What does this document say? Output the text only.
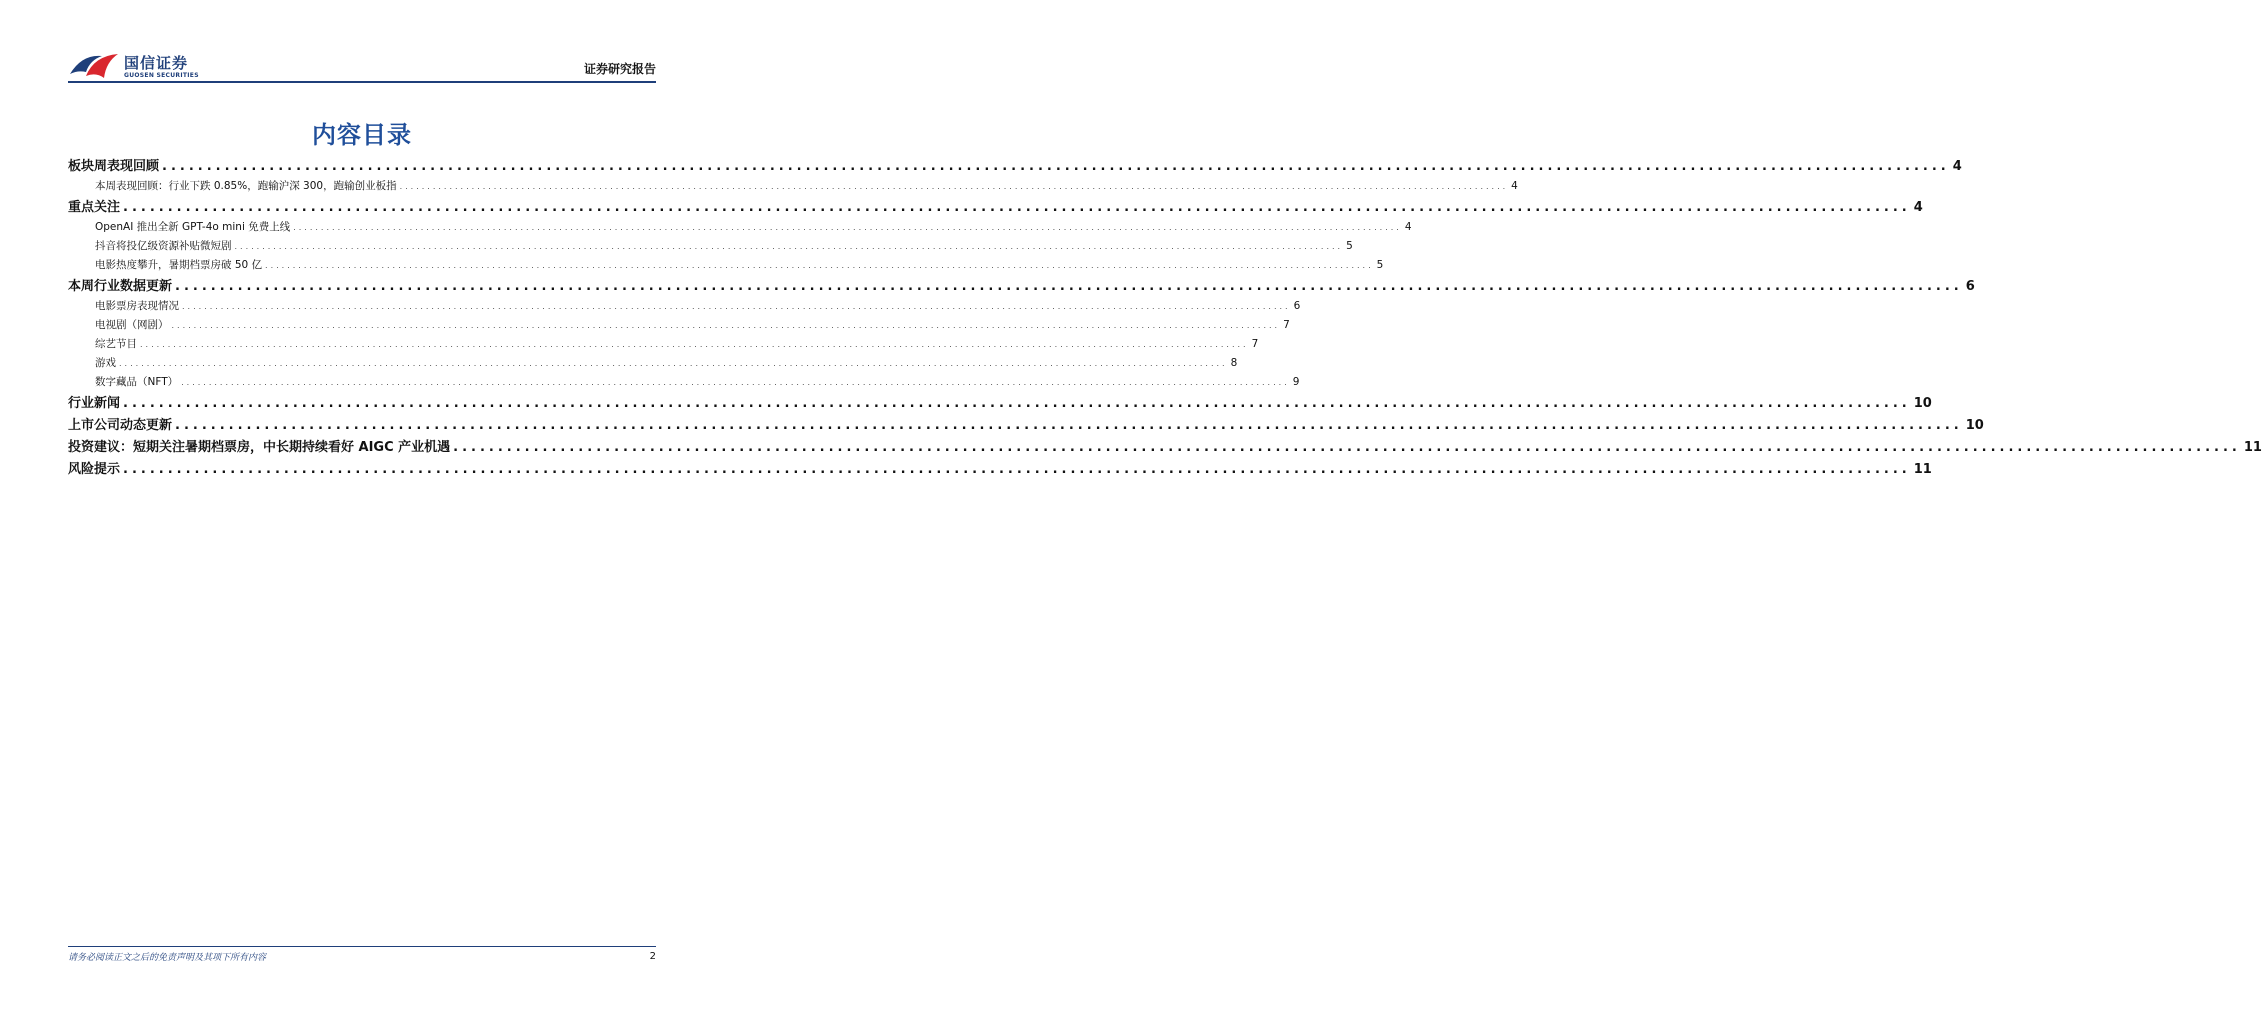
国信证券
GUOSEN SECURITIES	证券研究报告
内容目录
板块周表现回顾 ........................................................................................................................................................................................................ 4
本周表现回顾：行业下跌 0.85%，跑输沪深 300，跑输创业板指 ........................................................................................................................................................................................................ 4
重点关注 ........................................................................................................................................................................................................ 4
OpenAI 推出全新 GPT-4o mini 免费上线 ........................................................................................................................................................................................................ 4
抖音将投亿级资源补贴微短剧 ........................................................................................................................................................................................................ 5
电影热度攀升，暑期档票房破 50 亿 ........................................................................................................................................................................................................ 5
本周行业数据更新 ........................................................................................................................................................................................................ 6
电影票房表现情况 ........................................................................................................................................................................................................ 6
电视剧（网剧） ........................................................................................................................................................................................................ 7
综艺节目 ........................................................................................................................................................................................................ 7
游戏 ........................................................................................................................................................................................................ 8
数字藏品（NFT） ........................................................................................................................................................................................................ 9
行业新闻 ........................................................................................................................................................................................................ 10
上市公司动态更新 ........................................................................................................................................................................................................ 10
投资建议：短期关注暑期档票房，中长期持续看好 AIGC 产业机遇 ........................................................................................................................................................................................................ 11
风险提示 ........................................................................................................................................................................................................ 11
请务必阅读正文之后的免责声明及其项下所有内容	2
